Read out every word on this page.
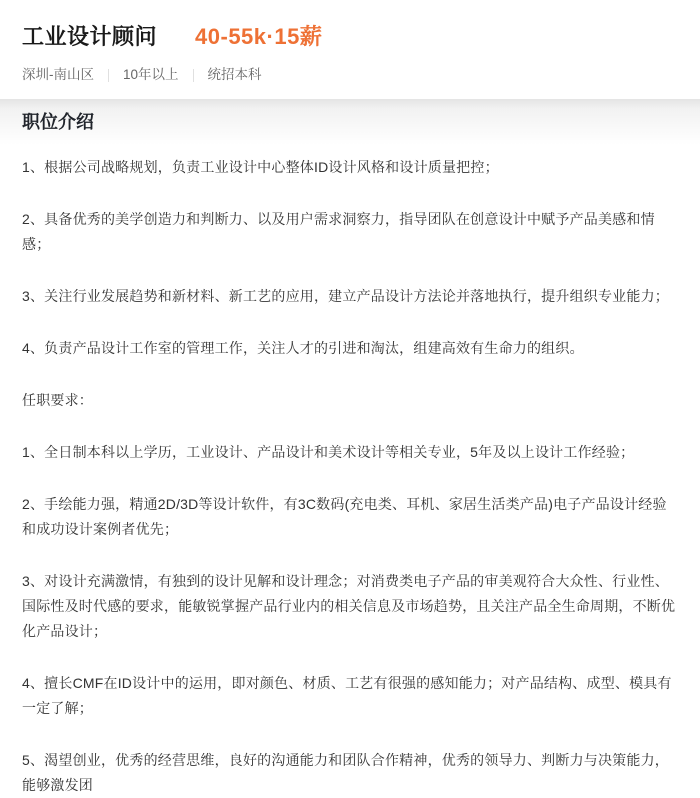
工业设计顾问 40-55k·15薪
深圳-南山区 10年以上 统招本科
职位介绍

1、根据公司战略规划，负责工业设计中心整体ID设计风格和设计质量把控；

2、具备优秀的美学创造力和判断力、以及用户需求洞察力，指导团队在创意设计中赋予产品美感和情感；

3、关注行业发展趋势和新材料、新工艺的应用，建立产品设计方法论并落地执行，提升组织专业能力；

4、负责产品设计工作室的管理工作，关注人才的引进和淘汰，组建高效有生命力的组织。

任职要求：

1、全日制本科以上学历，工业设计、产品设计和美术设计等相关专业，5年及以上设计工作经验；

2、手绘能力强，精通2D/3D等设计软件，有3C数码(充电类、耳机、家居生活类产品)电子产品设计经验和成功设计案例者优先；

3、对设计充满激情，有独到的设计见解和设计理念；对消费类电子产品的审美观符合大众性、行业性、国际性及时代感的要求，能敏锐掌握产品行业内的相关信息及市场趋势，且关注产品全生命周期，不断优化产品设计；

4、擅长CMF在ID设计中的运用，即对颜色、材质、工艺有很强的感知能力；对产品结构、成型、模具有一定了解；

5、渴望创业，优秀的经营思维，良好的沟通能力和团队合作精神，优秀的领导力、判断力与决策能力，能够激发团
